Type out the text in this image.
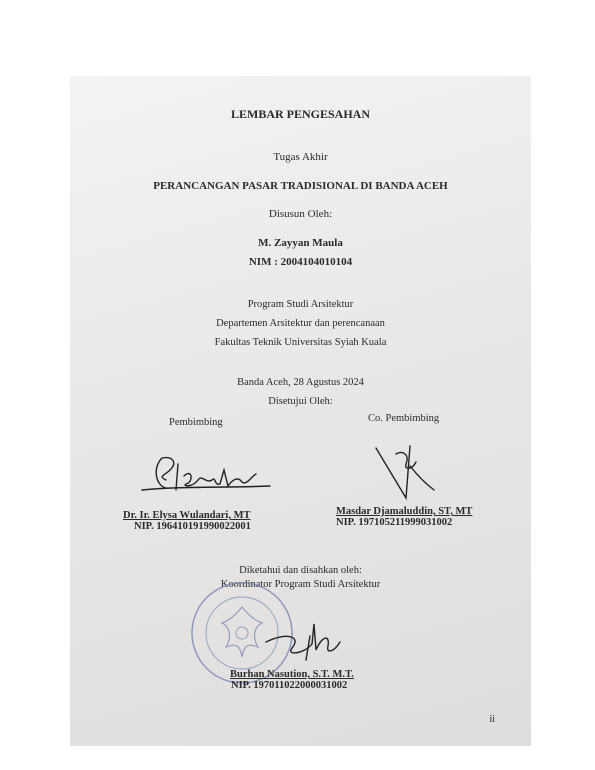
LEMBAR PENGESAHAN
Tugas Akhir
PERANCANGAN PASAR TRADISIONAL DI BANDA ACEH
Disusun Oleh:
M. Zayyan Maula
NIM : 2004104010104
Program Studi Arsitektur
Departemen Arsitektur dan perencanaan
Fakultas Teknik Universitas Syiah Kuala
Banda Aceh, 28 Agustus 2024
Disetujui Oleh:
Pembimbing	Co. Pembimbing
Dr. Ir. Elysa Wulandari, MT
NIP. 196410191990022001
Masdar Djamaluddin, ST, MT
NIP. 197105211999031002
Diketahui dan disahkan oleh:
Koordinator Program Studi Arsitektur
Burhan Nasution, S.T. M.T.
NIP. 197011022000031002
ii
